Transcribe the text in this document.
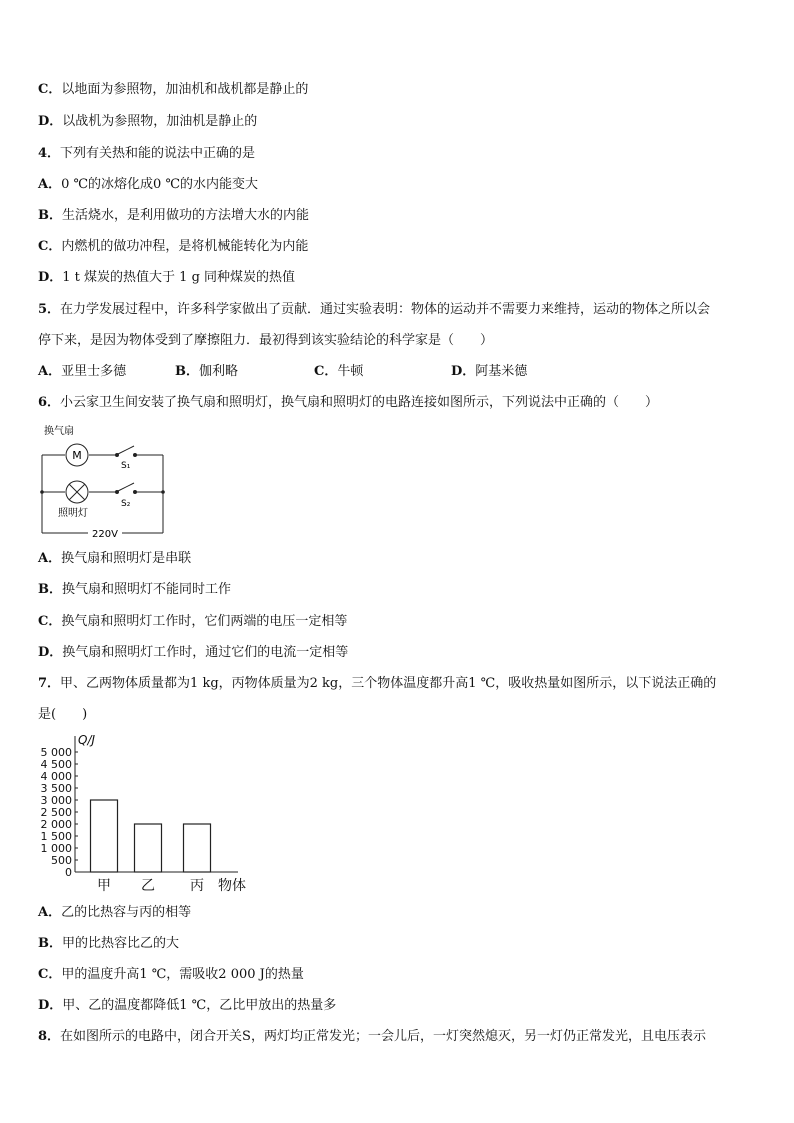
C．以地面为参照物，加油机和战机都是静止的
D．以战机为参照物，加油机是静止的
4．下列有关热和能的说法中正确的是
A．0 ℃的冰熔化成0 ℃的水内能变大
B．生活烧水，是利用做功的方法增大水的内能
C．内燃机的做功冲程，是将机械能转化为内能
D．1 t 煤炭的热值大于 1 g 同种煤炭的热值
5．在力学发展过程中，许多科学家做出了贡献．通过实验表明：物体的运动并不需要力来维持，运动的物体之所以会
停下来，是因为物体受到了摩擦阻力．最初得到该实验结论的科学家是（　　）
A．亚里士多德	B．伽利略	C．牛顿	D．阿基米德
6．小云家卫生间安装了换气扇和照明灯，换气扇和照明灯的电路连接如图所示，下列说法中正确的（　　）
换气扇
M
S₁
S₂
照明灯
220V
A．换气扇和照明灯是串联
B．换气扇和照明灯不能同时工作
C．换气扇和照明灯工作时，它们两端的电压一定相等
D．换气扇和照明灯工作时，通过它们的电流一定相等
7．甲、乙两物体质量都为1 kg，丙物体质量为2 kg，三个物体温度都升高1 ℃，吸收热量如图所示，以下说法正确的
是(　　)
5 000
4 500
4 000
3 500
3 000
2 500
2 000
1 500
1 000
500
0
Q/J
甲 乙	丙 物体
A．乙的比热容与丙的相等
B．甲的比热容比乙的大
C．甲的温度升高1 ℃，需吸收2 000 J的热量
D．甲、乙的温度都降低1 ℃，乙比甲放出的热量多
8．在如图所示的电路中，闭合开关S，两灯均正常发光；一会儿后，一灯突然熄灭，另一灯仍正常发光，且电压表示
